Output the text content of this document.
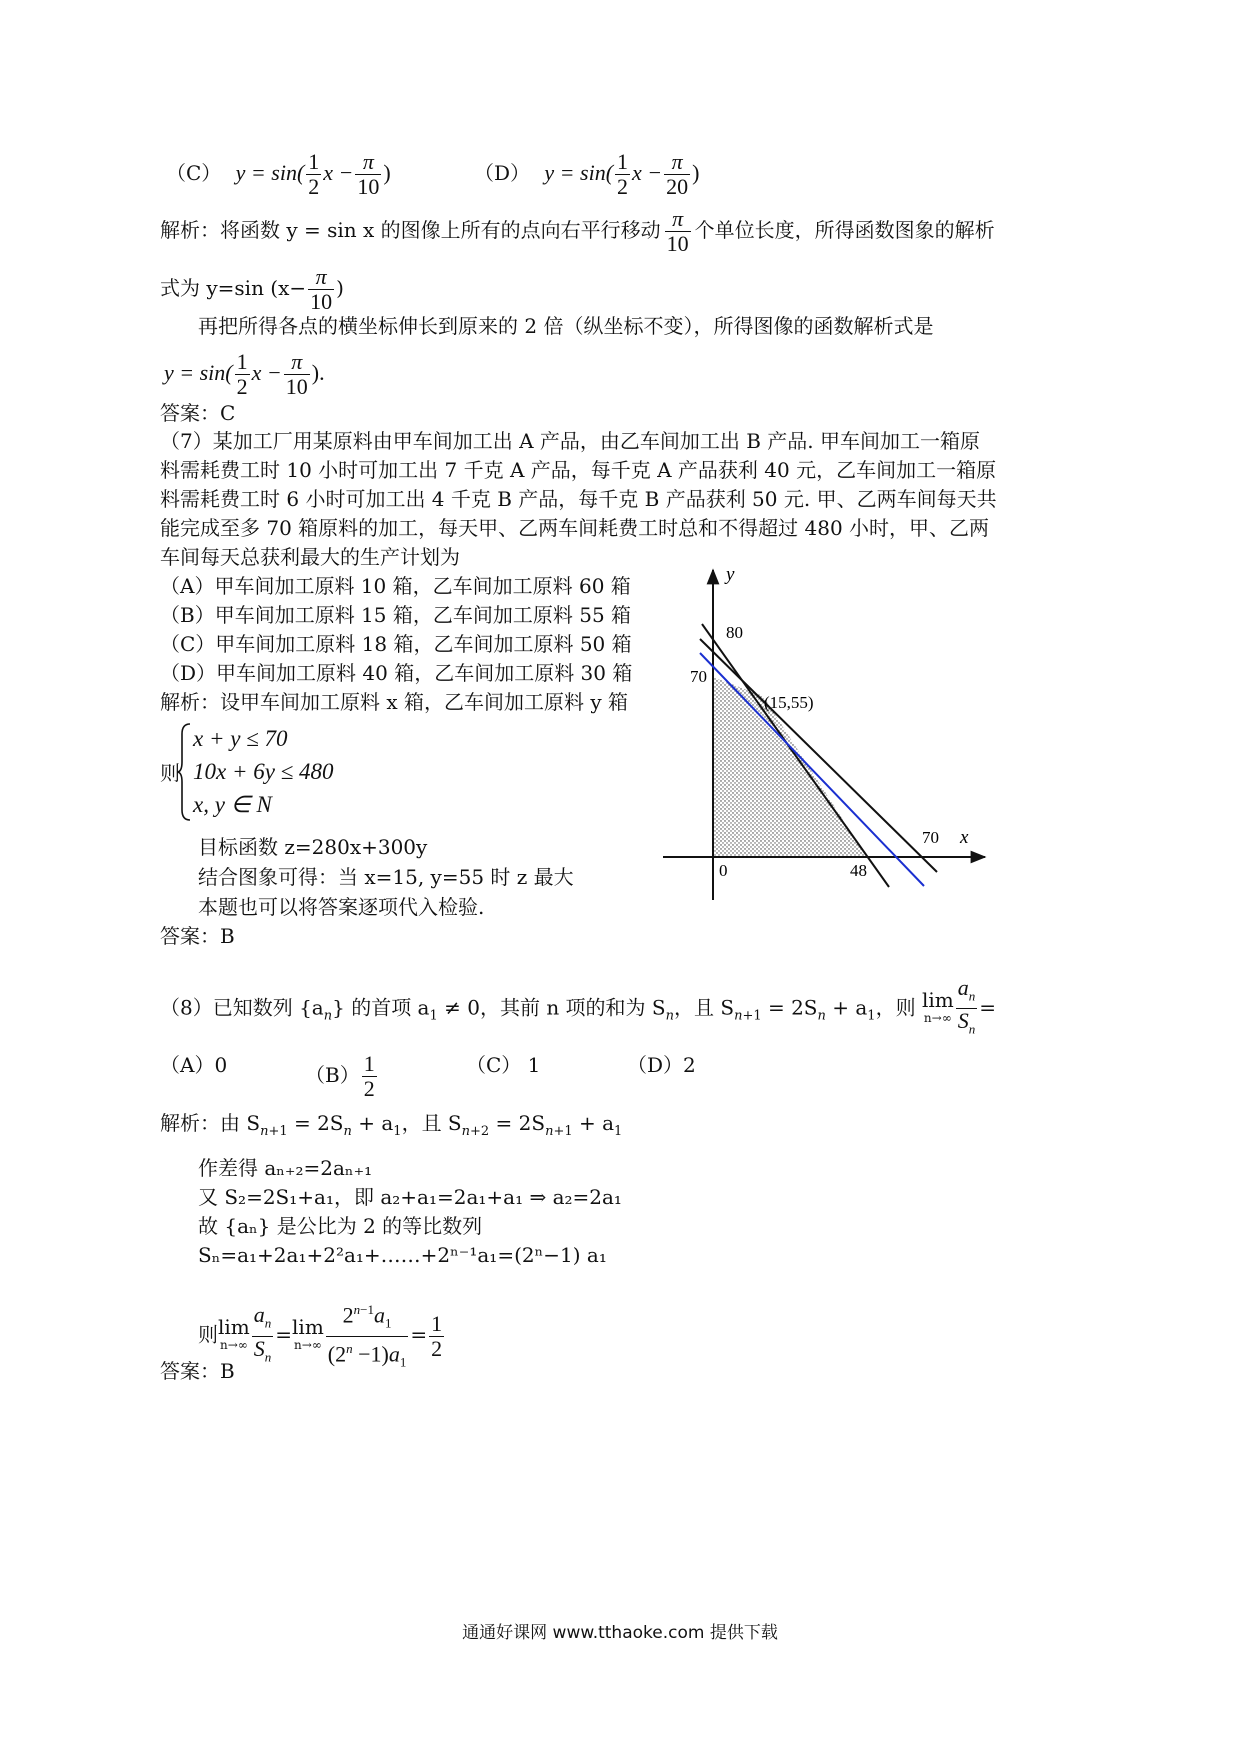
（C） $y = \sin( \frac{1}{2}$ $x - \frac{\pi}{10}$ )	（D） $y = \sin( \frac{1}{2}$ $x - \frac{\pi}{20}$ )
解析：将函数 y = sin x 的图像上所有的点向右平行移动 $\frac{\pi}{10}$ 个单位长度，所得函数图象的解析
式为 y=sin ($x- \frac{\pi}{10}$ )
再把所得各点的横坐标伸长到原来的 2 倍（纵坐标不变），所得图像的函数解析式是
$y = \sin( \frac{1}{2}$ $x - \frac{\pi}{10}$ ).
答案：C
（7）某加工厂用某原料由甲车间加工出 A 产品，由乙车间加工出 B 产品. 甲车间加工一箱原
料需耗费工时 10 小时可加工出 7 千克 A 产品，每千克 A 产品获利 40 元，乙车间加工一箱原
料需耗费工时 6 小时可加工出 4 千克 B 产品，每千克 B 产品获利 50 元. 甲、乙两车间每天共
能完成至多 70 箱原料的加工，每天甲、乙两车间耗费工时总和不得超过 480 小时，甲、乙两
车间每天总获利最大的生产计划为
（A）甲车间加工原料 10 箱，乙车间加工原料 60 箱
（B）甲车间加工原料 15 箱，乙车间加工原料 55 箱
（C）甲车间加工原料 18 箱，乙车间加工原料 50 箱
（D）甲车间加工原料 40 箱，乙车间加工原料 30 箱
解析：设甲车间加工原料 x 箱，乙车间加工原料 y 箱
则
x + y ≤ 70
10x + 6y ≤ 480
x, y ∈ N
目标函数 z=280x+300y
结合图象可得：当 x=15, y=55 时 z 最大
本题也可以将答案逐项代入检验.
答案：B
y
x
80
70
(15,55)
70
0	48
（8）已知数列 $\{a_n\}$ 的首项 $a_1 \ne 0$，其前 n 项的和为 $S_n$，且 $S_{n+1} = 2S_n + a_1$，则 lim
$n\to\infty \frac{a_n}{S_n}$ =
（A）0	$(B) \frac{1}{2}$	（C） 1	（D）2
解析：由 $S_{n+1} = 2S_n + a_1$，且 $S_{n+2} = 2S_{n+1} + a_1$
作差得 aₙ₊₂=2aₙ₊₁
又 S₂=2S₁+a₁，即 a₂+a₁=2a₁+a₁ ⇒ a₂=2a₁
故 {aₙ} 是公比为 2 的等比数列
Sₙ=a₁+2a₁+2²a₁+……+2ⁿ⁻¹a₁=(2ⁿ−1) a₁
则 lim
$n\to\infty \frac{a_n}{S_n} = \lim$
$n\to\infty \frac{2^{n-1}a_1}{(2^n -1)a_1} = \frac{1}{2}$
答案：B
通通好课网 www.tthaoke.com 提供下载
